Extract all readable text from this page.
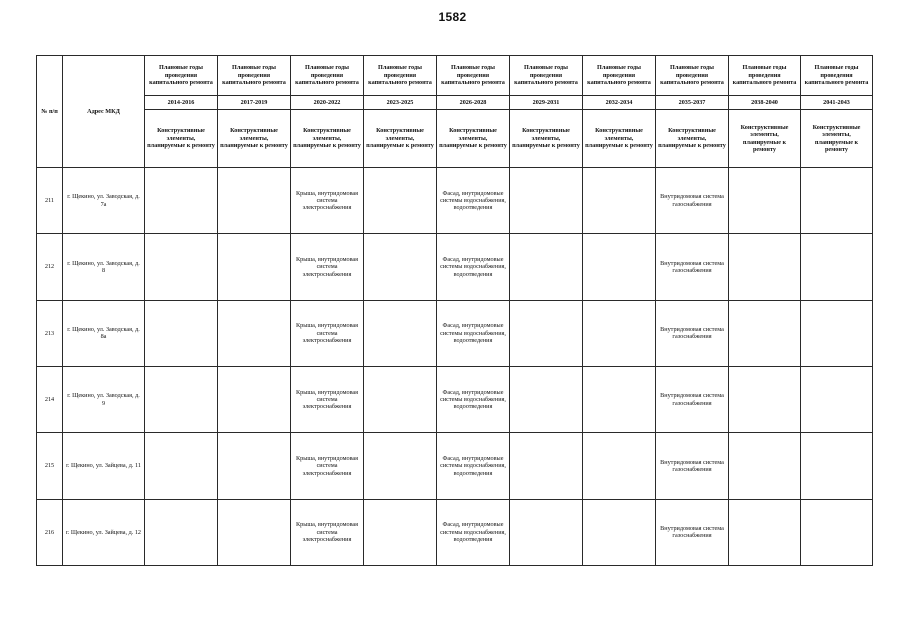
1582
№ п/п	Адрес МКД	Плановые годы проведения капитального ремонта	Плановые годы проведения капитального ремонта	Плановые годы проведения капитального ремонта	Плановые годы проведения капитального ремонта	Плановые годы проведения капитального ремонта	Плановые годы проведения капитального ремонта	Плановые годы проведения капитального ремонта	Плановые годы проведения капитального ремонта	Плановые годы проведения капитального ремонта	Плановые годы проведения капитального ремонта
		2014-2016	2017-2019	2020-2022	2023-2025	2026-2028	2029-2031	2032-2034	2035-2037	2038-2040	2041-2043
		Конструктивные элементы, планируемые к ремонту	Конструктивные элементы, планируемые к ремонту	Конструктивные элементы, планируемые к ремонту	Конструктивные элементы, планируемые к ремонту	Конструктивные элементы, планируемые к ремонту	Конструктивные элементы, планируемые к ремонту	Конструктивные элементы, планируемые к ремонту	Конструктивные элементы, планируемые к ремонту	Конструктивные элементы, планируемые к ремонту	Конструктивные элементы, планируемые к ремонту
211	г. Щекино, ул. Заводская, д. 7а			Крыша, внутридомовая система электроснабжения		Фасад, внутридомовые системы водоснабжения, водоотведения			Внутридомовая система газоснабжения		
212	г. Щекино, ул. Заводская, д. 8			Крыша, внутридомовая система электроснабжения		Фасад, внутридомовые системы водоснабжения, водоотведения			Внутридомовая система газоснабжения		
213	г. Щекино, ул. Заводская, д. 8а			Крыша, внутридомовая система электроснабжения		Фасад, внутридомовые системы водоснабжения, водоотведения			Внутридомовая система газоснабжения		
214	г. Щекино, ул. Заводская, д. 9			Крыша, внутридомовая система электроснабжения		Фасад, внутридомовые системы водоснабжения, водоотведения			Внутридомовая система газоснабжения		
215	г. Щекино, ул. Зайцева, д. 11			Крыша, внутридомовая система электроснабжения		Фасад, внутридомовые системы водоснабжения, водоотведения			Внутридомовая система газоснабжения		
216	г. Щекино, ул. Зайцева, д. 12			Крыша, внутридомовая система электроснабжения		Фасад, внутридомовые системы водоснабжения, водоотведения			Внутридомовая система газоснабжения		
